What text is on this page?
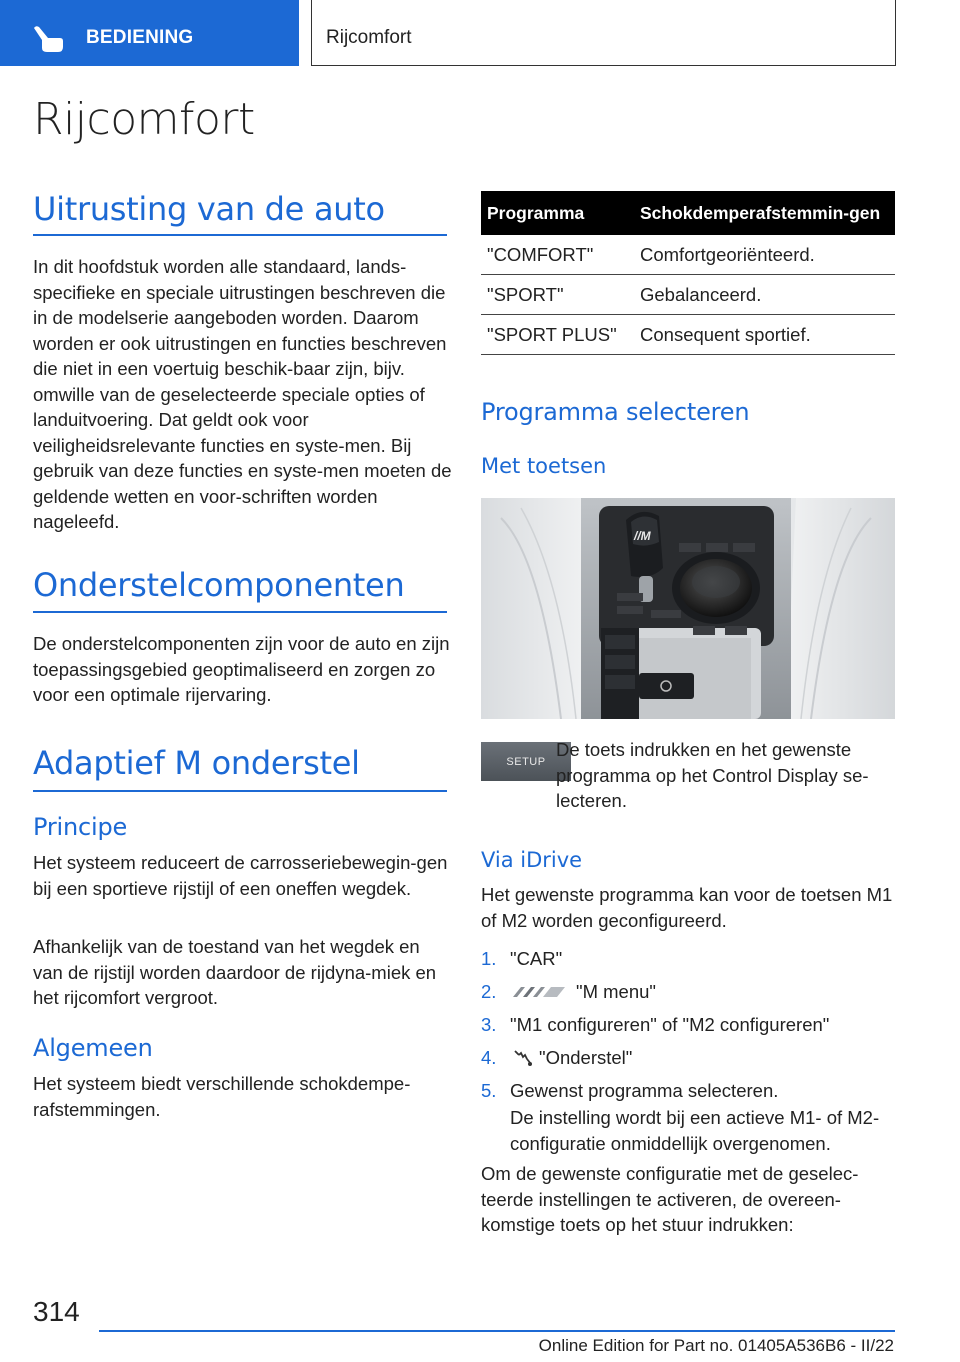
BEDIENING	Rijcomfort
Rijcomfort
Uitrusting van de auto
In dit hoofdstuk worden alle standaard, lands-specifieke en speciale uitrustingen beschreven die in de modelserie aangeboden worden. Daarom worden er ook uitrustingen en functies beschreven die niet in een voertuig beschik-baar zijn, bijv. omwille van de geselecteerde speciale opties of landuitvoering. Dat geldt ook voor veiligheidsrelevante functies en syste-men. Bij gebruik van deze functies en syste-men moeten de geldende wetten en voor-schriften worden nageleefd.
Onderstelcomponenten
De onderstelcomponenten zijn voor de auto en zijn toepassingsgebied geoptimaliseerd en zorgen zo voor een optimale rijervaring.
Adaptief M onderstel
Principe
Het systeem reduceert de carrosseriebewegin-gen bij een sportieve rijstijl of een oneffen wegdek.
Afhankelijk van de toestand van het wegdek en van de rijstijl worden daardoor de rijdyna-miek en het rijcomfort vergroot.
Algemeen
Het systeem biedt verschillende schokdempe-rafstemmingen.
Programma	Schokdemperafstemmin-gen
"COMFORT"	Comfortgeoriënteerd.
"SPORT"	Gebalanceerd.
"SPORT PLUS"	Consequent sportief.
Programma selecteren
Met toetsen
//M
SETUP
De toets indrukken en het gewenste programma op het Control Display se-lecteren.
Via iDrive
Het gewenste programma kan voor de toetsen M1 of M2 worden geconfigureerd.
1. "CAR"
2.	"M menu"
3. "M1 configureren" of "M2 configureren"
4. "Onderstel"
5. Gewenst programma selecteren.
De instelling wordt bij een actieve M1- of M2-configuratie onmiddellijk overgenomen.
Om de gewenste configuratie met de geselec-teerde instellingen te activeren, de overeen-komstige toets op het stuur indrukken:
314
Online Edition for Part no. 01405A536B6 - II/22
